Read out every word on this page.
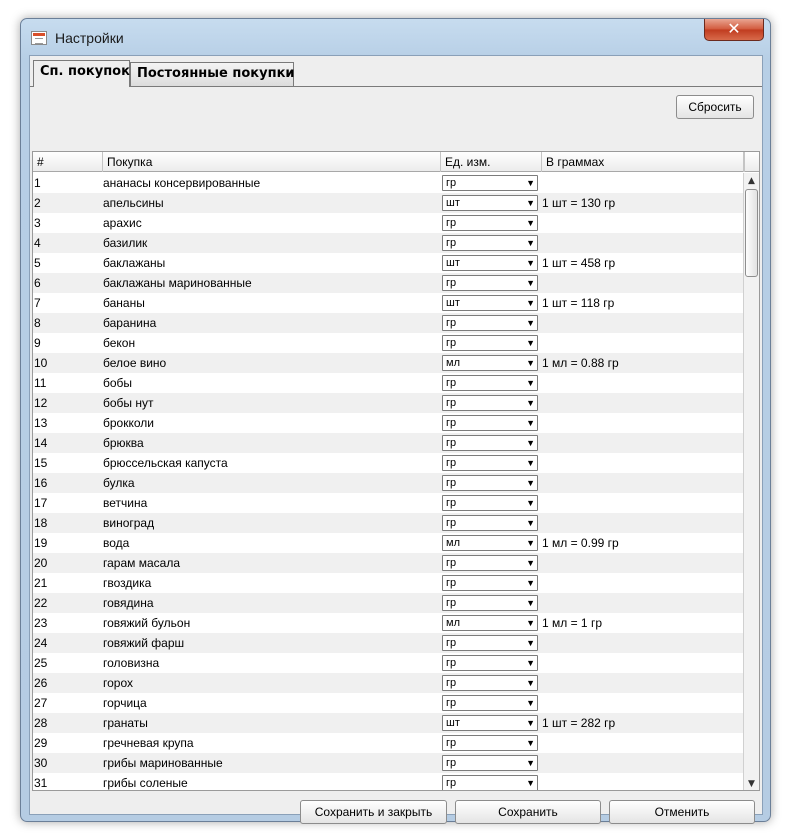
Настройки	✕
Сп. покупок Постоянные покупки
Сбросить
#	Покупка	Ед. изм.	В граммах
1	ананасы консервированные	гр	▼
2	апельсины	шт	▼ 1 шт = 130 гр
3	арахис	гр	▼
4	базилик	гр	▼
5	баклажаны	шт	▼ 1 шт = 458 гр
6	баклажаны маринованные	гр	▼
7	бананы	шт	▼ 1 шт = 118 гр
8	баранина	гр	▼
9	бекон	гр	▼
10	белое вино	мл	▼ 1 мл = 0.88 гр
11	бобы	гр	▼
12	бобы нут	гр	▼
13	брокколи	гр	▼
14	брюква	гр	▼
15	брюссельская капуста	гр	▼
16	булка	гр	▼
17	ветчина	гр	▼
18	виноград	гр	▼
19	вода	мл	▼ 1 мл = 0.99 гр
20	гарам масала	гр	▼
21	гвоздика	гр	▼
22	говядина	гр	▼
23	говяжий бульон	мл	▼ 1 мл = 1 гр
24	говяжий фарш	гр	▼
25	головизна	гр	▼
26	горох	гр	▼
27	горчица	гр	▼
28	гранаты	шт	▼ 1 шт = 282 гр
29	гречневая крупа	гр	▼
30	грибы маринованные	гр	▼
31	грибы соленые	гр	▼
▲
▼
Сохранить и закрыть	Сохранить	Отменить
